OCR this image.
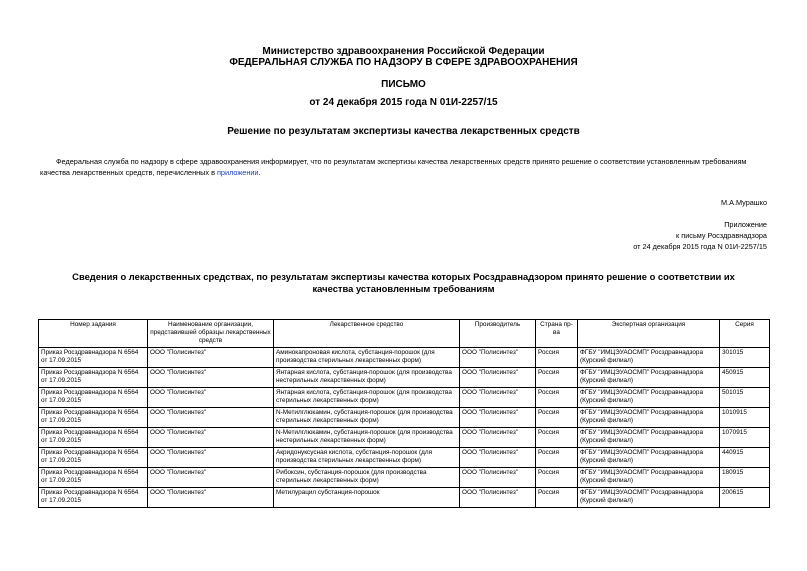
Министерство здравоохранения Российской Федерации
ФЕДЕРАЛЬНАЯ СЛУЖБА ПО НАДЗОРУ В СФЕРЕ ЗДРАВООХРАНЕНИЯ
ПИСЬМО
от 24 декабря 2015 года N 01И-2257/15
Решение по результатам экспертизы качества лекарственных средств
Федеральная служба по надзору в сфере здравоохранения информирует, что по результатам экспертизы качества лекарственных средств принято решение о соответствии установленным требованиям качества лекарственных средств, перечисленных в приложении.
М.А.Мурашко
Приложение
к письму Росздравнадзора
от 24 декабря 2015 года N 01И-2257/15
Сведения о лекарственных средствах, по результатам экспертизы качества которых Росздравнадзором принято решение о соответствии их качества установленным требованиям
Номер задания	Наименование организации, представившей образцы лекарственных средств	Лекарственное средство	Производитель	Страна пр-ва	Экспертная организация	Серия
Приказ Росздравнадзора N 6564 от 17.09.2015	ООО "Полисинтез"	Аминокапроновая кислота, субстанция-порошок (для производства стерильных лекарственных форм)	ООО "Полисинтез"	Россия	ФГБУ "ИМЦЭУАОСМП" Росздравнадзора (Курский филиал)	301015
Приказ Росздравнадзора N 6564 от 17.09.2015	ООО "Полисинтез"	Янтарная кислота, субстанция-порошок (для производства нестерильных лекарственных форм)	ООО "Полисинтез"	Россия	ФГБУ "ИМЦЭУАОСМП" Росздравнадзора (Курский филиал)	450915
Приказ Росздравнадзора N 6564 от 17.09.2015	ООО "Полисинтез"	Янтарная кислота, субстанция-порошок (для производства стерильных лекарственных форм)	ООО "Полисинтез"	Россия	ФГБУ "ИМЦЭУАОСМП" Росздравнадзора (Курский филиал)	501015
Приказ Росздравнадзора N 6564 от 17.09.2015	ООО "Полисинтез"	N-Метилглюкамин, субстанция-порошок (для производства стерильных лекарственных форм)	ООО "Полисинтез"	Россия	ФГБУ "ИМЦЭУАОСМП" Росздравнадзора (Курский филиал)	1010915
Приказ Росздравнадзора N 6564 от 17.09.2015	ООО "Полисинтез"	N-Метилглюкамин, субстанция-порошок (для производства нестерильных лекарственных форм)	ООО "Полисинтез"	Россия	ФГБУ "ИМЦЭУАОСМП" Росздравнадзора (Курский филиал)	1070915
Приказ Росздравнадзора N 6564 от 17.09.2015	ООО "Полисинтез"	Акридонуксусная кислота, субстанция-порошок (для производства стерильных лекарственных форм)	ООО "Полисинтез"	Россия	ФГБУ "ИМЦЭУАОСМП" Росздравнадзора (Курский филиал)	440915
Приказ Росздравнадзора N 6564 от 17.09.2015	ООО "Полисинтез"	Рибоксин, субстанция-порошок (для производства стерильных лекарственных форм)	ООО "Полисинтез"	Россия	ФГБУ "ИМЦЭУАОСМП" Росздравнадзора (Курский филиал)	180915
Приказ Росздравнадзора N 6564 от 17.09.2015	ООО "Полисинтез"	Метилурацил субстанция-порошок	ООО "Полисинтез"	Россия	ФГБУ "ИМЦЭУАОСМП" Росздравнадзора (Курский филиал)	200615
